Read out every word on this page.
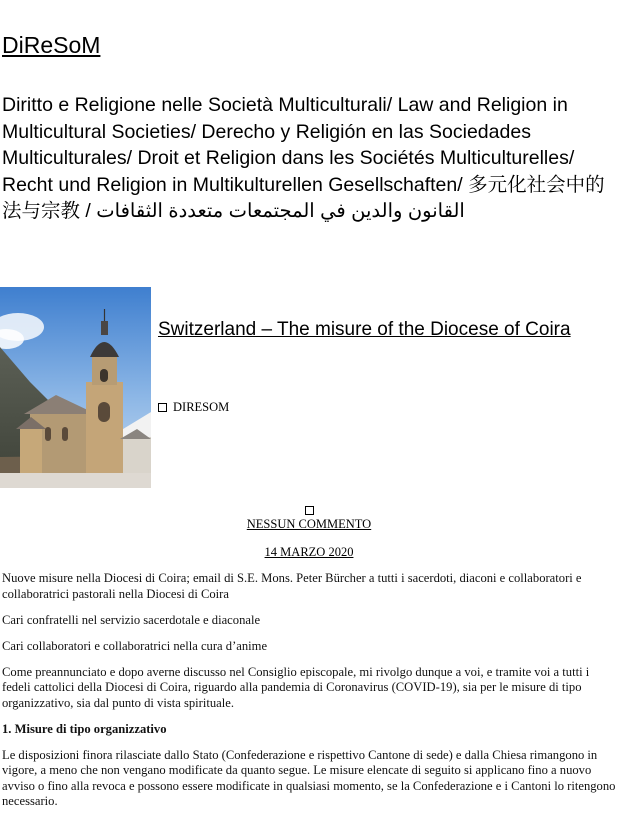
DiReSoM

Diritto e Religione nelle Società Multiculturali/ Law and Religion in Multicultural Societies/ Derecho y Religión en las Sociedades Multiculturales/ Droit et Religion dans les Sociétés Multiculturelles/ Recht und Religion in Multikulturellen Gesellschaften/ 多元化社会中的法与宗教 / القانون والدين في المجتمعات متعددة الثقافات

Switzerland – The misure of the Diocese of Coira
DIRESOM
NESSUN COMMENTO
14 MARZO 2020

Nuove misure nella Diocesi di Coira; email di S.E. Mons. Peter Bürcher a tutti i sacerdoti, diaconi e collaboratori e collaboratrici pastorali nella Diocesi di Coira

Cari confratelli nel servizio sacerdotale e diaconale

Cari collaboratori e collaboratrici nella cura d’anime

Come preannunciato e dopo averne discusso nel Consiglio episcopale, mi rivolgo dunque a voi, e tramite voi a tutti i fedeli cattolici della Diocesi di Coira, riguardo alla pandemia di Coronavirus (COVID-19), sia per le misure di tipo organizzativo, sia dal punto di vista spirituale.

1. Misure di tipo organizzativo

Le disposizioni finora rilasciate dallo Stato (Confederazione e rispettivo Cantone di sede) e dalla Chiesa rimangono in vigore, a meno che non vengano modificate da quanto segue. Le misure elencate di seguito si applicano fino a nuovo avviso o fino alla revoca e possono essere modificate in qualsiasi momento, se la Confederazione e i Cantoni lo ritengono necessario.
